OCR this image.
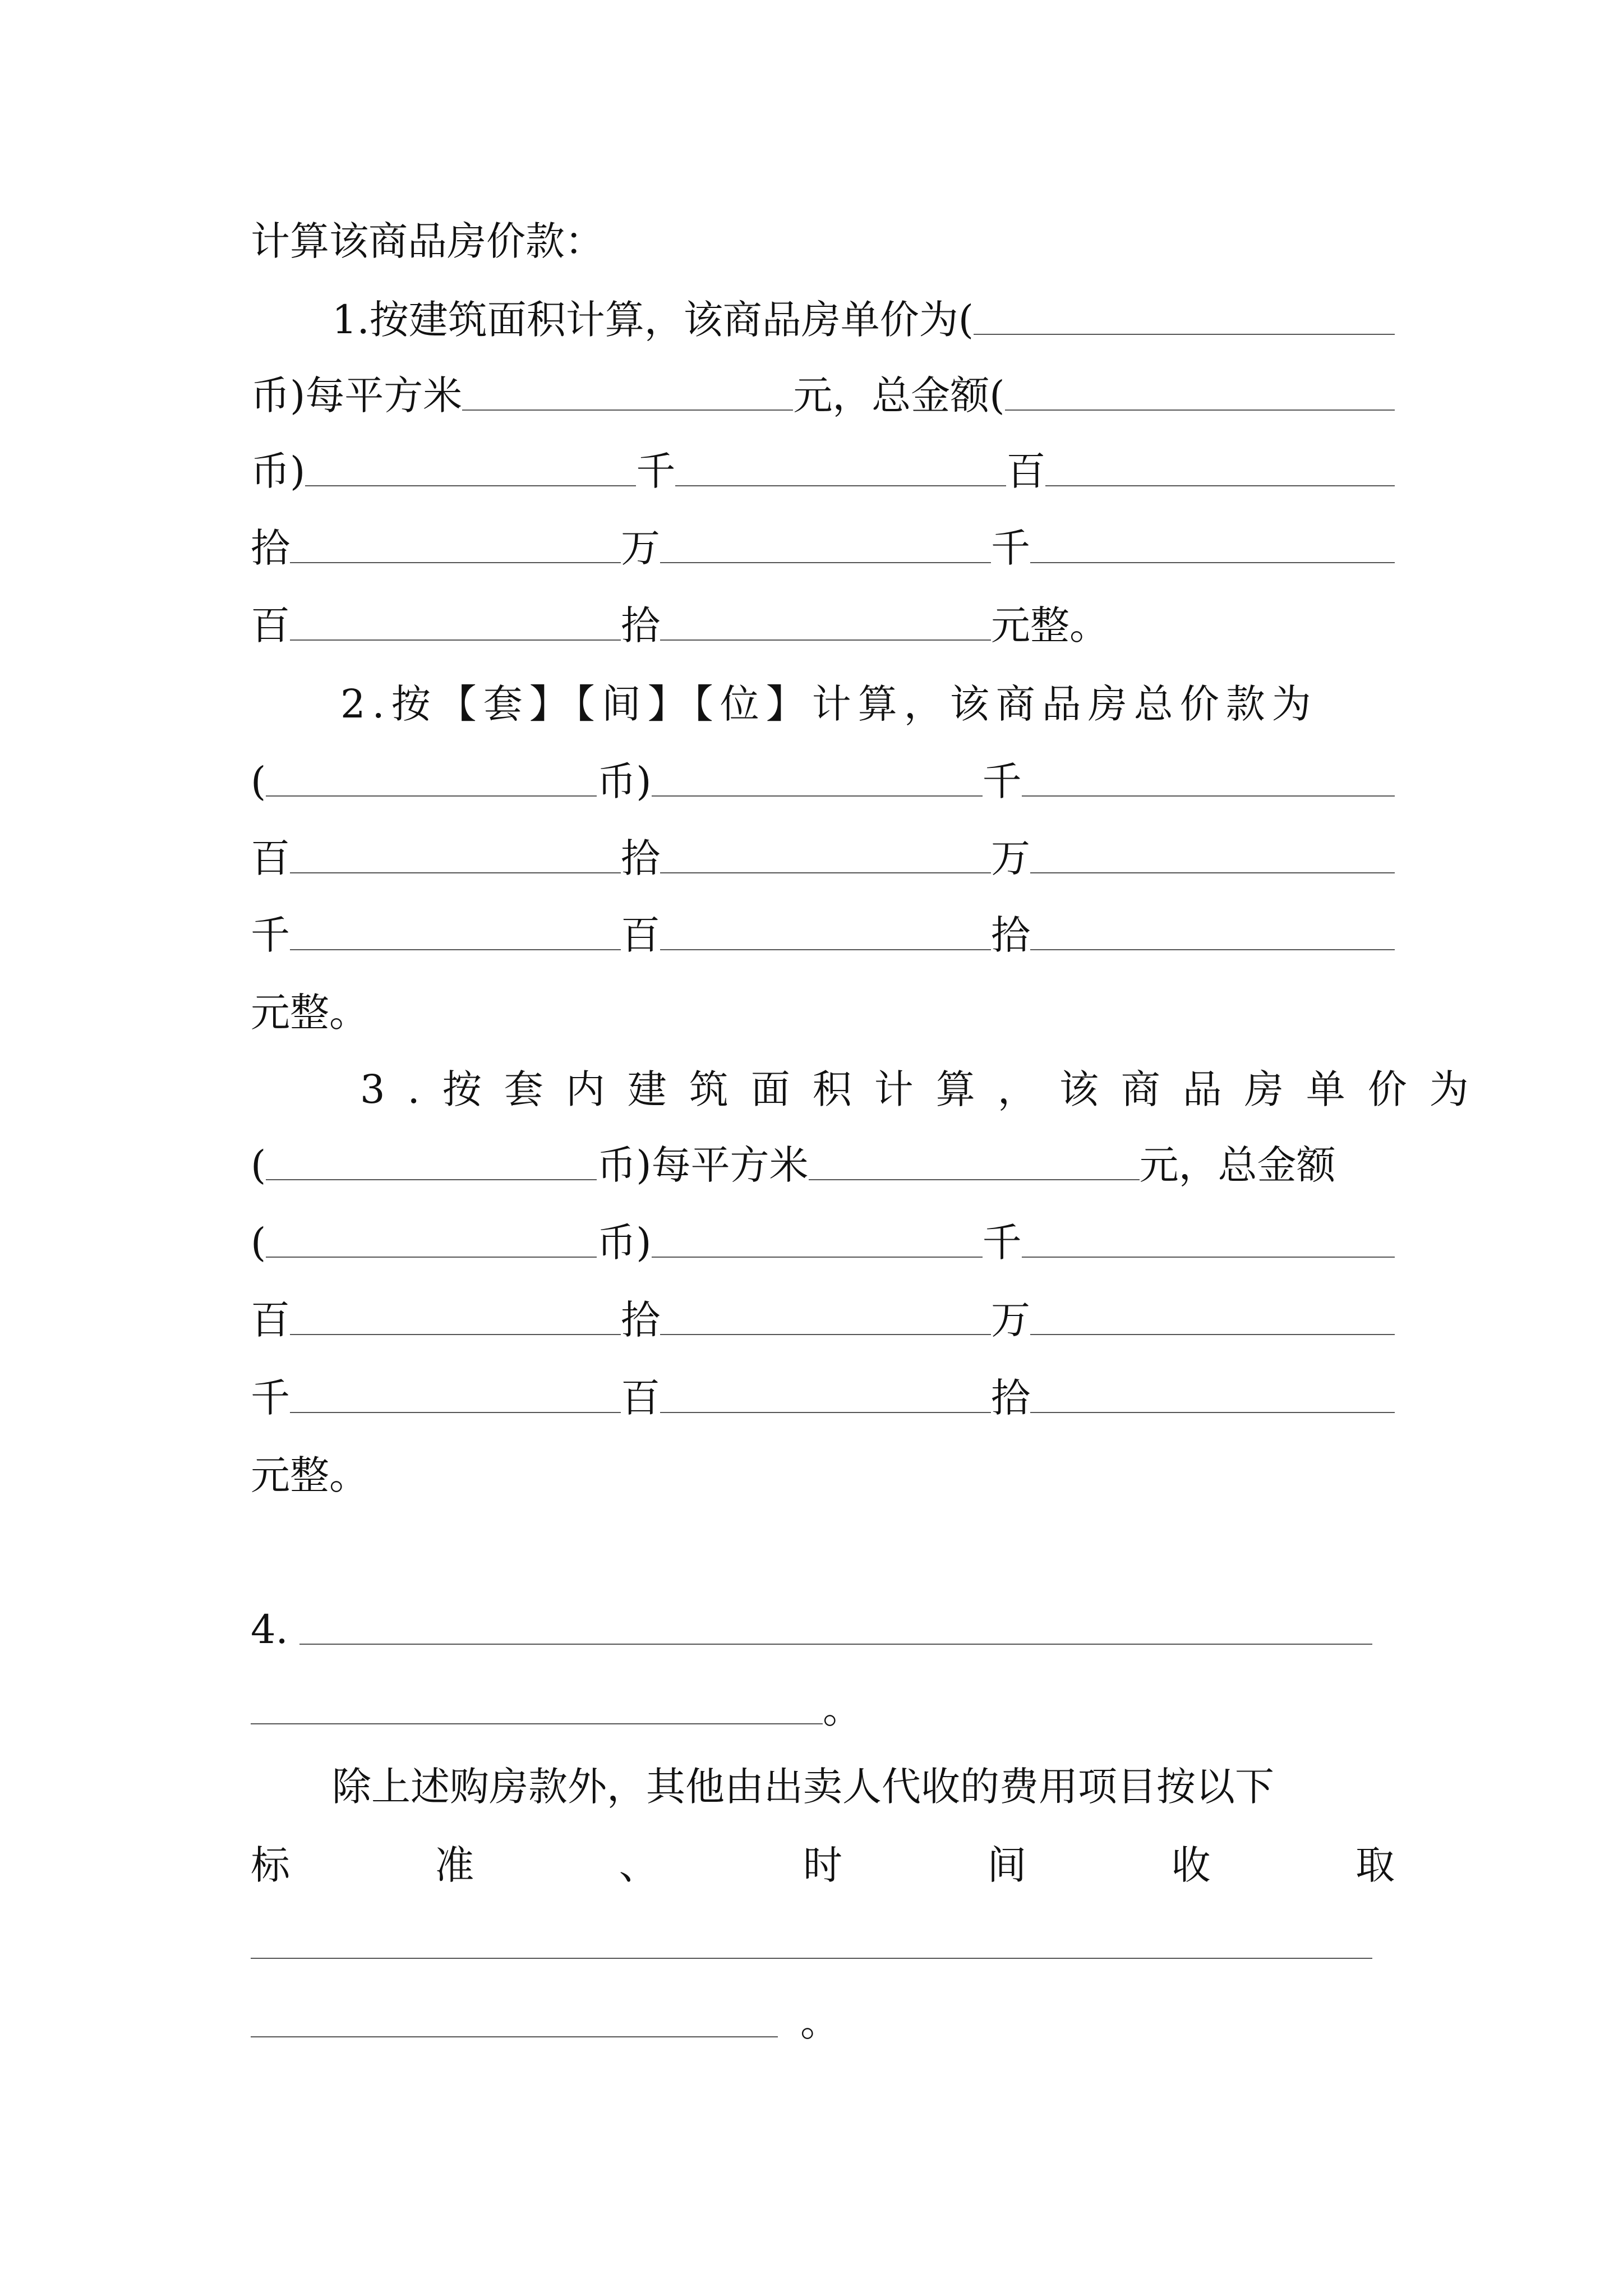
计算该商品房价款：
1.按建筑面积计算，该商品房单价为(
币) 每平方米	元，总金额(
币)	千	百
拾	万	千
百	拾	元整。
2.按【套】【间】【位】计算，该商品房总价款为
(	币)	千
百	拾	万
千	百	拾
元整。
3.按套内建筑面积计算，该商品房单价为
(	币) 每平方米	元，总金额
(	币)	千
百	拾	万
千	百	拾
元整。
4.
。
除上述购房款外，其他由出卖人代收的费用项目按以下
标	准	、	时	间	收	取
。
